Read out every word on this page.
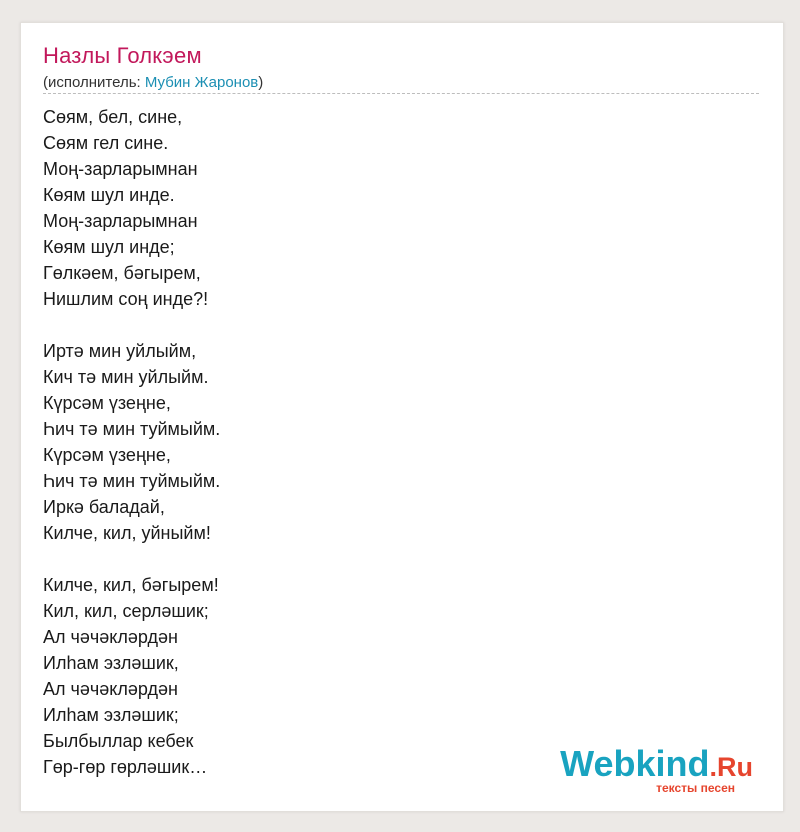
Назлы Голкэем
(исполнитель: Мубин Жаронов)
Сөям, бел, сине,
Сөям гел сине.
Моң-зарларымнан
Көям шул инде.
Моң-зарларымнан
Көям шул инде;
Гөлкәем, бәгырем,
Нишлим соң инде?!
Иртә мин уйлыйм,
Кич тә мин уйлыйм.
Күрсәм үзеңне,
Һич тә мин туймыйм.
Күрсәм үзеңне,
Һич тә мин туймыйм.
Иркә баладай,
Килче, кил, уйныйм!
Килче, кил, бәгырем!
Кил, кил, серләшик;
Ал чәчәкләрдән
Илһам эзләшик,
Ал чәчәкләрдән
Илһам эзләшик;
Былбыллар кебек
Гөр-гөр гөрләшик…	Webkind.Ru
тексты песен
